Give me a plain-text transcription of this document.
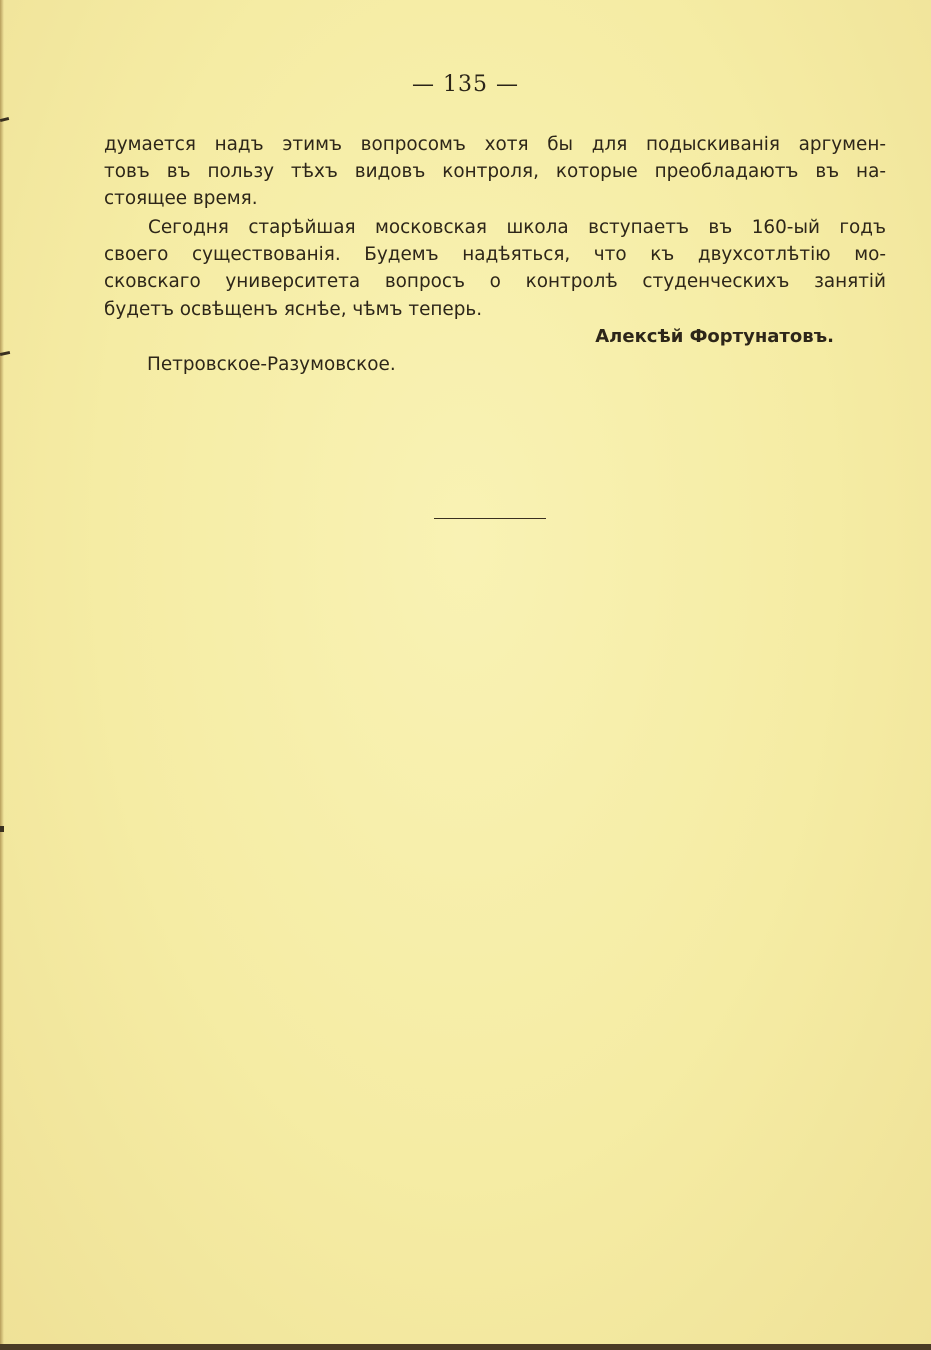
— 135 —
думается надъ этимъ вопросомъ хотя бы для подыскиванія аргумен-
товъ въ пользу тѣхъ видовъ контроля, которые преобладаютъ въ на-
стоящее время.
Сегодня старѣйшая московская школа вступаетъ въ 160-ый годъ
своего существованія. Будемъ надѣяться, что къ двухсотлѣтію мо-
сковскаго университета вопросъ о контролѣ студенческихъ занятій
будетъ освѣщенъ яснѣе, чѣмъ теперь.
Алексѣй Фортунатовъ.
Петровское-Разумовское.
